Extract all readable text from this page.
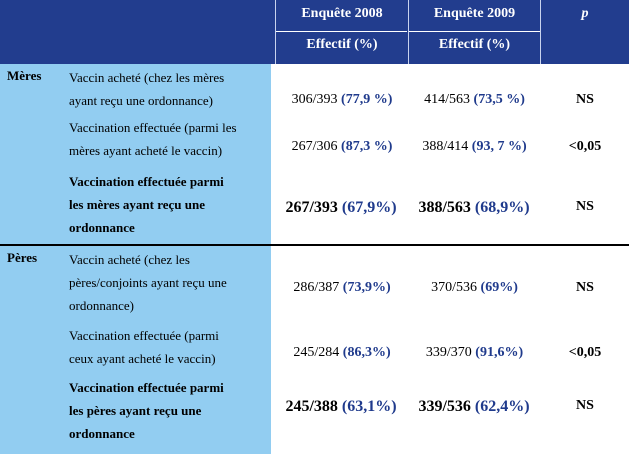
Enquête 2008	Enquête 2009	p
Effectif (%)	Effectif (%)
Mères Vaccin acheté (chez les mères
ayant reçu une ordonnance)	306/393 (77,9 %)	414/563 (73,5 %)	NS
Vaccination effectuée (parmi les
mères ayant acheté le vaccin)	267/306 (87,3 %)	388/414 (93, 7 %)	<0,05
Vaccination effectuée parmi
les mères ayant reçu une
ordonnance
267/393 (67,9%)	388/563 (68,9%)	NS
Pères Vaccin acheté (chez les
pères/conjoints ayant reçu une
ordonnance)
286/387 (73,9%)	370/536 (69%)	NS
Vaccination effectuée (parmi
ceux ayant acheté le vaccin)	245/284 (86,3%)	339/370 (91,6%)	<0,05
Vaccination effectuée parmi
les pères ayant reçu une
ordonnance
245/388 (63,1%)	339/536 (62,4%)	NS
